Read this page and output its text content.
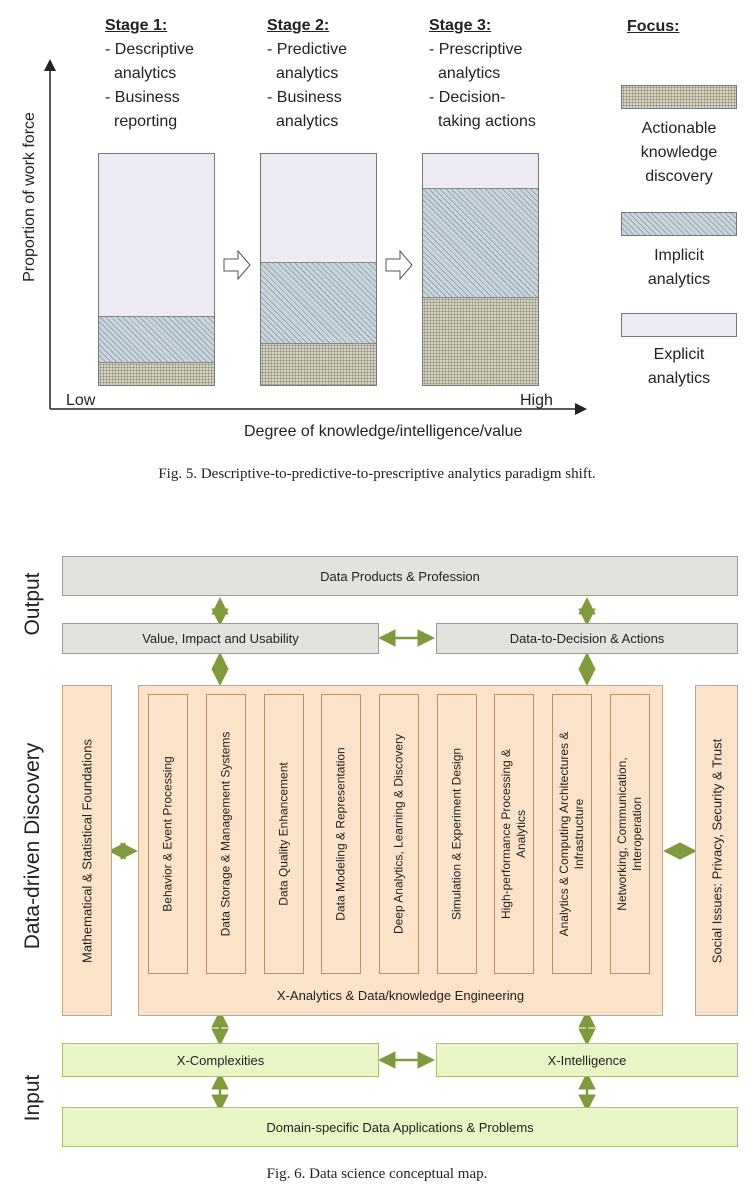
Stage 1:
- Descriptive
analytics
- Business
reporting
Stage 2:
- Predictive
analytics
- Business
analytics
Stage 3:
- Prescriptive
analytics
- Decision-
taking actions
Focus:
Actionable
knowledge
discovery
Implicit
analytics
Explicit
analytics
Proportion of work force
Low	High
Degree of knowledge/intelligence/value
Fig. 5. Descriptive-to-predictive-to-prescriptive analytics paradigm shift.
Output
Data-driven Discovery
Input
Data Products & Profession
Value, Impact and Usability	Data-to-Decision & Actions
Mathematical & Statistical Foundations	Social Issues: Privacy, Security & Trust
X-Analytics & Data/knowledge Engineering
Behavior & Event Processing	Data Storage & Management Systems	Data Quality Enhancement	Data Modeling & Representation	Deep Analytics, Learning & Discovery	Simulation & Experiment Design	High-performance Processing & Analytics Analytics & Computing Architectures & Infrastructure Networking, Communication, Interoperation
X-Complexities	X-Intelligence
Domain-specific Data Applications & Problems
Fig. 6. Data science conceptual map.
